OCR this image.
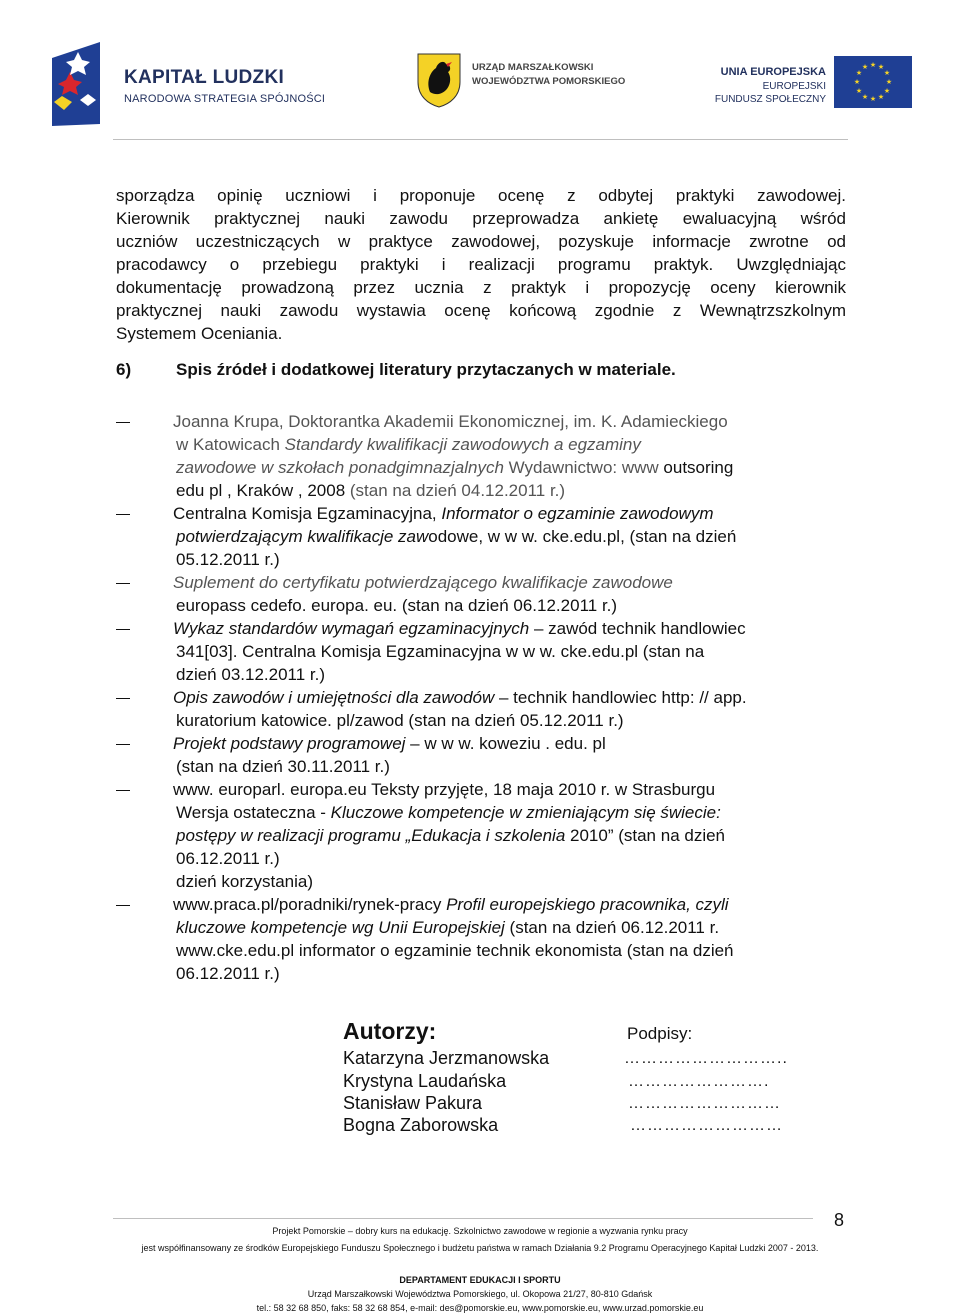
KAPITAŁ LUDZKI
NARODOWA STRATEGIA SPÓJNOŚCI
URZĄD MARSZAŁKOWSKI
WOJEWÓDZTWA POMORSKIEGO
UNIA EUROPEJSKA
EUROPEJSKI
FUNDUSZ SPOŁECZNY
★ ★
★
★
★
★
★
★
★
★
★
★
sporządza opinię uczniowi i proponuje ocenę z odbytej praktyki zawodowej.
Kierownik praktycznej nauki zawodu przeprowadza ankietę ewaluacyjną wśród
uczniów uczestniczących w praktyce zawodowej, pozyskuje informacje zwrotne od
pracodawcy o przebiegu praktyki i realizacji programu praktyk. Uwzględniając
dokumentację prowadzoną przez ucznia z praktyk i propozycję oceny kierownik
praktycznej nauki zawodu wystawia ocenę końcową zgodnie z Wewnątrzszkolnym
Systemem Oceniania.
6)	Spis źródeł i dodatkowej literatury przytaczanych w materiale.
Joanna Krupa, Doktorantka Akademii Ekonomicznej, im. K. Adamieckiego
w Katowicach Standardy kwalifikacji zawodowych a egzaminy
zawodowe w szkołach ponadgimnazjalnych Wydawnictwo: www outsoring
edu pl , Kraków , 2008 (stan na dzień 04.12.2011 r.)
Centralna Komisja Egzaminacyjna, Informator o egzaminie zawodowym
potwierdzającym kwalifikacje zawodowe, w w w. cke.edu.pl, (stan na dzień
05.12.2011 r.)
Suplement do certyfikatu potwierdzającego kwalifikacje zawodowe
europass cedefo. europa. eu. (stan na dzień 06.12.2011 r.)
Wykaz standardów wymagań egzaminacyjnych – zawód technik handlowiec
341[03]. Centralna Komisja Egzaminacyjna w w w. cke.edu.pl (stan na
dzień 03.12.2011 r.)
Opis zawodów i umiejętności dla zawodów – technik handlowiec http: // app.
kuratorium katowice. pl/zawod (stan na dzień 05.12.2011 r.)
Projekt podstawy programowej – w w w. koweziu . edu. pl
(stan na dzień 30.11.2011 r.)
www. europarl. europa.eu Teksty przyjęte, 18 maja 2010 r. w Strasburgu
Wersja ostateczna - Kluczowe kompetencje w zmieniającym się świecie:
postępy w realizacji programu „Edukacja i szkolenia 2010” (stan na dzień
06.12.2011 r.)
dzień korzystania)
www.praca.pl/poradniki/rynek-pracy Profil europejskiego pracownika, czyli
kluczowe kompetencje wg Unii Europejskiej (stan na dzień 06.12.2011 r.
www.cke.edu.pl informator o egzaminie technik ekonomista (stan na dzień
06.12.2011 r.)
Autorzy:	Podpisy:
Katarzyna Jerzmanowska
Krystyna Laudańska
Stanisław Pakura
Bogna Zaborowska
………………………..
…………………….
………………………
………………………
8
Projekt Pomorskie – dobry kurs na edukację. Szkolnictwo zawodowe w regionie a wyzwania rynku pracy
jest współfinansowany ze środków Europejskiego Funduszu Społecznego i budżetu państwa w ramach Działania 9.2 Programu Operacyjnego Kapitał Ludzki 2007 - 2013.
DEPARTAMENT EDUKACJI I SPORTU
Urząd Marszałkowski Województwa Pomorskiego, ul. Okopowa 21/27, 80-810 Gdańsk
tel.: 58 32 68 850, faks: 58 32 68 854, e-mail: des@pomorskie.eu, www.pomorskie.eu, www.urzad.pomorskie.eu
